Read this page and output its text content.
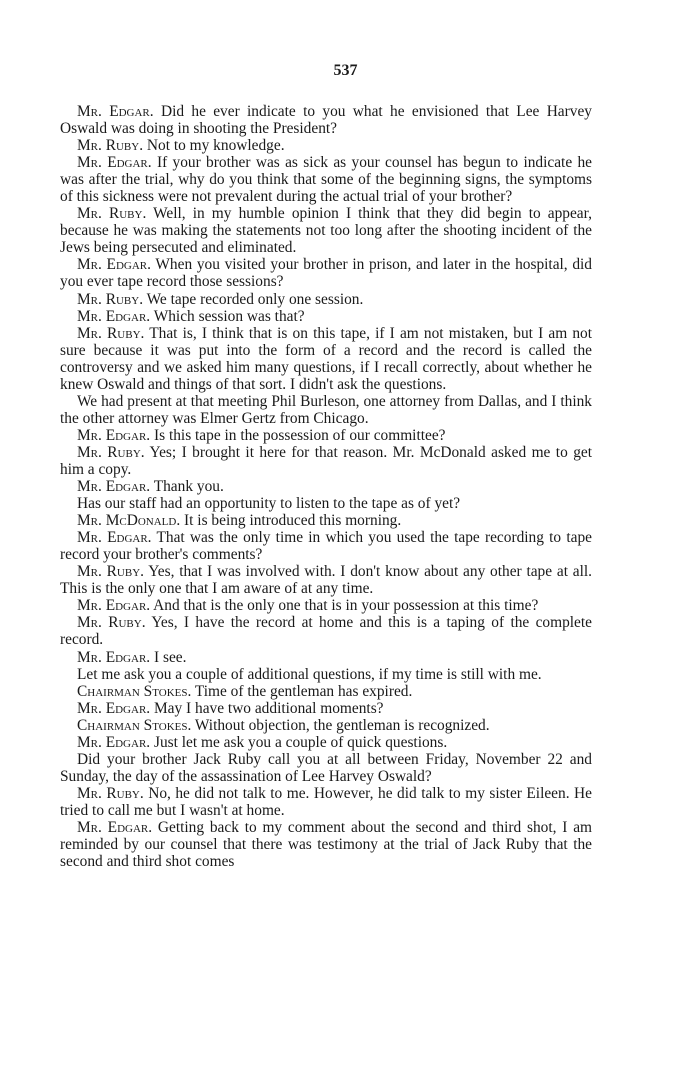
537

Mr. Edgar. Did he ever indicate to you what he envisioned that Lee Harvey Oswald was doing in shooting the President?

Mr. Ruby. Not to my knowledge.

Mr. Edgar. If your brother was as sick as your counsel has begun to indicate he was after the trial, why do you think that some of the beginning signs, the symptoms of this sickness were not prevalent during the actual trial of your brother?

Mr. Ruby. Well, in my humble opinion I think that they did begin to appear, because he was making the statements not too long after the shooting incident of the Jews being persecuted and eliminated.

Mr. Edgar. When you visited your brother in prison, and later in the hospital, did you ever tape record those sessions?

Mr. Ruby. We tape recorded only one session.

Mr. Edgar. Which session was that?

Mr. Ruby. That is, I think that is on this tape, if I am not mistaken, but I am not sure because it was put into the form of a record and the record is called the controversy and we asked him many questions, if I recall correctly, about whether he knew Oswald and things of that sort. I didn't ask the questions.

We had present at that meeting Phil Burleson, one attorney from Dallas, and I think the other attorney was Elmer Gertz from Chicago.

Mr. Edgar. Is this tape in the possession of our committee?

Mr. Ruby. Yes; I brought it here for that reason. Mr. McDonald asked me to get him a copy.

Mr. Edgar. Thank you.

Has our staff had an opportunity to listen to the tape as of yet?

Mr. McDonald. It is being introduced this morning.

Mr. Edgar. That was the only time in which you used the tape recording to tape record your brother's comments?

Mr. Ruby. Yes, that I was involved with. I don't know about any other tape at all. This is the only one that I am aware of at any time.

Mr. Edgar. And that is the only one that is in your possession at this time?

Mr. Ruby. Yes, I have the record at home and this is a taping of the complete record.

Mr. Edgar. I see.

Let me ask you a couple of additional questions, if my time is still with me.

Chairman Stokes. Time of the gentleman has expired.

Mr. Edgar. May I have two additional moments?

Chairman Stokes. Without objection, the gentleman is recognized.

Mr. Edgar. Just let me ask you a couple of quick questions.

Did your brother Jack Ruby call you at all between Friday, November 22 and Sunday, the day of the assassination of Lee Harvey Oswald?

Mr. Ruby. No, he did not talk to me. However, he did talk to my sister Eileen. He tried to call me but I wasn't at home.

Mr. Edgar. Getting back to my comment about the second and third shot, I am reminded by our counsel that there was testimony at the trial of Jack Ruby that the second and third shot comes
